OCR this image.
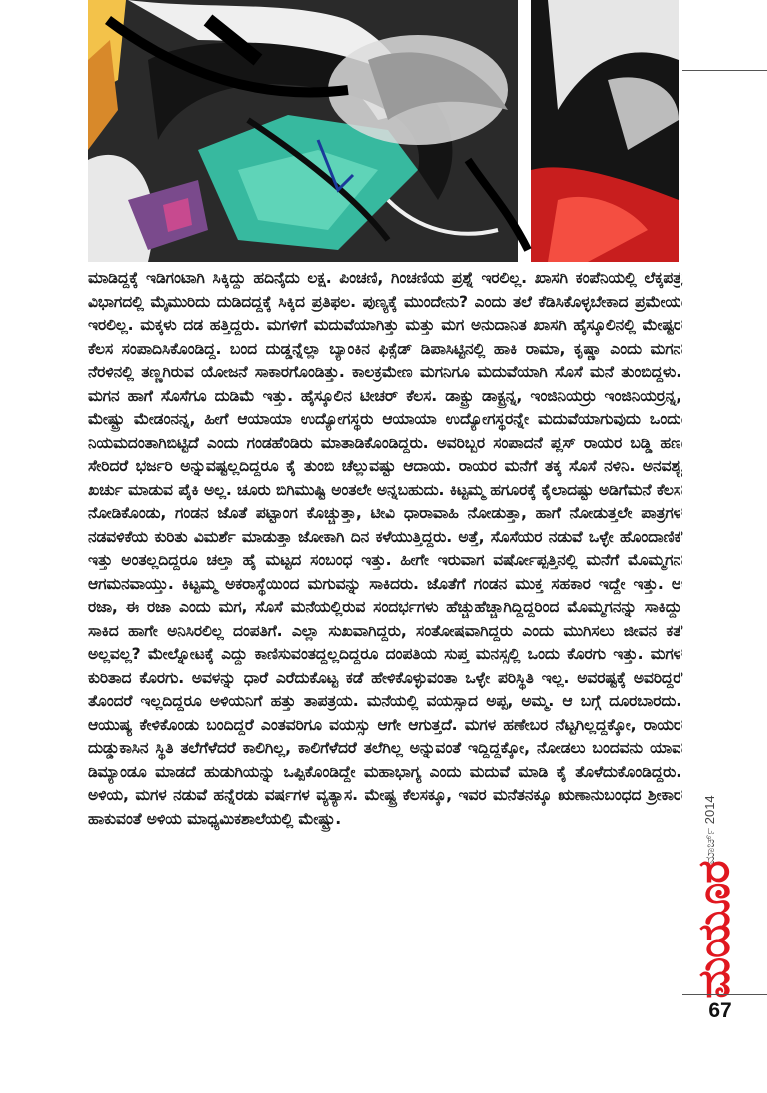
ಮಾಡಿದ್ದಕ್ಕೆ ಇಡಿಗಂಟಾಗಿ ಸಿಕ್ಕಿದ್ದು ಹದಿನೈದು ಲಕ್ಷ. ಪಿಂಚಣಿ, ಗಿಂಚಣಿಯ ಪ್ರಶ್ನೆ ಇರಲಿಲ್ಲ. ಖಾಸಗಿ ಕಂಪೆನಿಯಲ್ಲಿ ಲೆಕ್ಕಪತ್ರ ವಿಭಾಗದಲ್ಲಿ ಮೈಮುರಿದು ದುಡಿದದ್ದಕ್ಕೆ ಸಿಕ್ಕಿದ ಪ್ರತಿಫಲ. ಪುಣ್ಯಕ್ಕೆ ಮುಂದೇನು? ಎಂದು ತಲೆ ಕೆಡಿಸಿಕೊಳ್ಳಬೇಕಾದ ಪ್ರಮೇಯ ಇರಲಿಲ್ಲ. ಮಕ್ಕಳು ದಡ ಹತ್ತಿದ್ದರು. ಮಗಳಿಗೆ ಮದುವೆಯಾಗಿತ್ತು ಮತ್ತು ಮಗ ಅನುದಾನಿತ ಖಾಸಗಿ ಹೈಸ್ಕೂಲಿನಲ್ಲಿ ಮೇಷ್ಟರ ಕೆಲಸ ಸಂಪಾದಿಸಿಕೊಂಡಿದ್ದ. ಬಂದ ದುಡ್ಡನ್ನೆಲ್ಲಾ ಬ್ಯಾಂಕಿನ ಫಿಕ್ಸೆಡ್ ಡಿಪಾಸಿಟ್ಟಿನಲ್ಲಿ ಹಾಕಿ ರಾಮಾ, ಕೃಷ್ಣಾ ಎಂದು ಮಗನ ನೆರಳಿನಲ್ಲಿ ತಣ್ಣಗಿರುವ ಯೋಜನೆ ಸಾಕಾರಗೊಂಡಿತ್ತು. ಕಾಲಕ್ರಮೇಣ ಮಗನಿಗೂ ಮದುವೆಯಾಗಿ ಸೊಸೆ ಮನೆ ತುಂಬಿದ್ದಳು. ಮಗನ ಹಾಗೆ ಸೊಸೆಗೂ ದುಡಿಮೆ ಇತ್ತು. ಹೈಸ್ಕೂಲಿನ ಟೀಚರ್ ಕೆಲಸ. ಡಾಕ್ಟ್ರು ಡಾಕ್ಟ್ರನ್ನ, ಇಂಜಿನಿಯರ್‍ರು ಇಂಜಿನಿಯರ್‍ರನ್ನ, ಮೇಷ್ಟ್ರು ಮೇಡಂನನ್ನ, ಹೀಗೆ ಆಯಾಯಾ ಉದ್ಯೋಗಸ್ಥರು ಆಯಾಯಾ ಉದ್ಯೋಗಸ್ಥರನ್ನೇ ಮದುವೆಯಾಗುವುದು ಒಂದು ನಿಯಮದಂತಾಗಿಬಿಟ್ಟಿದೆ ಎಂದು ಗಂಡಹೆಂಡಿರು ಮಾತಾಡಿಕೊಂಡಿದ್ದರು. ಅವರಿಬ್ಬರ ಸಂಪಾದನೆ ಪ್ಲಸ್ ರಾಯರ ಬಡ್ಡಿ ಹಣ ಸೇರಿದರೆ ಭರ್ಜರಿ ಅನ್ನುವಷ್ಟಲ್ಲದಿದ್ದರೂ ಕೈ ತುಂಬಿ ಚೆಲ್ಲುವಷ್ಟು ಆದಾಯ. ರಾಯರ ಮನೆಗೆ ತಕ್ಕ ಸೊಸೆ ನಳಿನಿ. ಅನವಶ್ಯ ಖರ್ಚು ಮಾಡುವ ಪೈಕಿ ಅಲ್ಲ. ಚೂರು ಬಿಗಿಮುಷ್ಟಿ ಅಂತಲೇ ಅನ್ನಬಹುದು. ಕಿಟ್ಟಮ್ಮ ಹಗೂರಕ್ಕೆ ಕೈಲಾದಷ್ಟು ಅಡಿಗೆಮನೆ ಕೆಲಸ ನೋಡಿಕೊಂಡು, ಗಂಡನ ಜೊತೆ ಪಟ್ಟಾಂಗ ಕೊಚ್ಚುತ್ತಾ, ಟೀವಿ ಧಾರಾವಾಹಿ ನೋಡುತ್ತಾ, ಹಾಗೆ ನೋಡುತ್ತಲೇ ಪಾತ್ರಗಳ ನಡವಳಿಕೆಯ ಕುರಿತು ವಿಮರ್ಶೆ ಮಾಡುತ್ತಾ ಜೋಕಾಗಿ ದಿನ ಕಳೆಯುತ್ತಿದ್ದರು. ಅತ್ತೆ, ಸೊಸೆಯರ ನಡುವೆ ಒಳ್ಳೇ ಹೊಂದಾಣಿಕೆ ಇತ್ತು ಅಂತಲ್ಲದಿದ್ದರೂ ಚಲ್ತಾ ಹೈ ಮಟ್ಟದ ಸಂಬಂಧ ಇತ್ತು. ಹೀಗೇ ಇರುವಾಗ ವರ್ಷೋಪ್ಪತ್ತಿನಲ್ಲಿ ಮನೆಗೆ ಮೊಮ್ಮಗನ ಆಗಮನವಾಯ್ತು. ಕಿಟ್ಟಮ್ಮ ಅಕರಾಸ್ಥೆಯಿಂದ ಮಗುವನ್ನು ಸಾಕಿದರು. ಜೊತೆಗೆ ಗಂಡನ ಮುಕ್ತ ಸಹಕಾರ ಇದ್ದೇ ಇತ್ತು. ಆ ರಜಾ, ಈ ರಜಾ ಎಂದು ಮಗ, ಸೊಸೆ ಮನೆಯಲ್ಲಿರುವ ಸಂದರ್ಭಗಳು ಹೆಚ್ಚುಹೆಚ್ಚಾಗಿದ್ದಿದ್ದರಿಂದ ಮೊಮ್ಮಗನನ್ನು ಸಾಕಿದ್ದು ಸಾಕಿದ ಹಾಗೇ ಅನಿಸಿರಲಿಲ್ಲ ದಂಪತಿಗೆ. ಎಲ್ಲಾ ಸುಖವಾಗಿದ್ದರು, ಸಂತೋಷವಾಗಿದ್ದರು ಎಂದು ಮುಗಿಸಲು ಜೀವನ ಕತೆ ಅಲ್ಲವಲ್ಲ? ಮೇಲ್ನೋಟಕ್ಕೆ ಎದ್ದು ಕಾಣಿಸುವಂತದ್ದಲ್ಲದಿದ್ದರೂ ದಂಪತಿಯ ಸುಪ್ತ ಮನಸ್ಸಲ್ಲಿ ಒಂದು ಕೊರಗು ಇತ್ತು. ಮಗಳ ಕುರಿತಾದ ಕೊರಗು. ಅವಳನ್ನು ಧಾರೆ ಎರೆದುಕೊಟ್ಟ ಕಡೆ ಹೇಳಿಕೊಳ್ಳುವಂತಾ ಒಳ್ಳೇ ಪರಿಸ್ಥಿತಿ ಇಲ್ಲ. ಅವರಷ್ಟಕ್ಕೆ ಅವರಿದ್ದರೆ ತೊಂದರೆ ಇಲ್ಲದಿದ್ದರೂ ಅಳಿಯನಿಗೆ ಹತ್ತು ತಾಪತ್ರಯ. ಮನೆಯಲ್ಲಿ ವಯಸ್ಸಾದ ಅಪ್ಪ, ಅಮ್ಮ. ಆ ಬಗ್ಗೆ ದೂರಬಾರದು. ಆಯುಷ್ಯ ಕೇಳಿಕೊಂಡು ಬಂದಿದ್ದರೆ ಎಂತವರಿಗೂ ವಯಸ್ಸು ಆಗೇ ಆಗುತ್ತದೆ. ಮಗಳ ಹಣೇಬರ ನೆಟ್ಟಗಿಲ್ಲದ್ದಕ್ಕೋ, ರಾಯರ ದುಡ್ಡುಕಾಸಿನ ಸ್ಥಿತಿ ತಲೆಗೆಳೆದರೆ ಕಾಲಿಗಿಲ್ಲ, ಕಾಲಿಗೆಳೆದರೆ ತಲೆಗಿಲ್ಲ ಅನ್ನುವಂತೆ ಇದ್ದಿದ್ದಕ್ಕೋ, ನೋಡಲು ಬಂದವನು ಯಾವ ಡಿಮ್ಯಾಂಡೂ ಮಾಡದೆ ಹುಡುಗಿಯನ್ನು ಒಪ್ಪಿಕೊಂಡಿದ್ದೇ ಮಹಾಭಾಗ್ಯ ಎಂದು ಮದುವೆ ಮಾಡಿ ಕೈ ತೊಳೆದುಕೊಂಡಿದ್ದರು. ಅಳಿಯ, ಮಗಳ ನಡುವೆ ಹನ್ನೆರಡು ವರ್ಷಗಳ ವ್ಯತ್ಯಾಸ. ಮೇಷ್ಟ್ರ ಕೆಲಸಕ್ಕೂ, ಇವರ ಮನೆತನಕ್ಕೂ ಋಣಾನುಬಂಧದ ಶ್ರೀಕಾರ ಹಾಕುವಂತೆ ಅಳಿಯ ಮಾಧ್ಯಮಿಕಶಾಲೆಯಲ್ಲಿ ಮೇಷ್ಟ್ರು.	ಮಾರ್ಚ್ 2014
ಮಯೂರ
67
